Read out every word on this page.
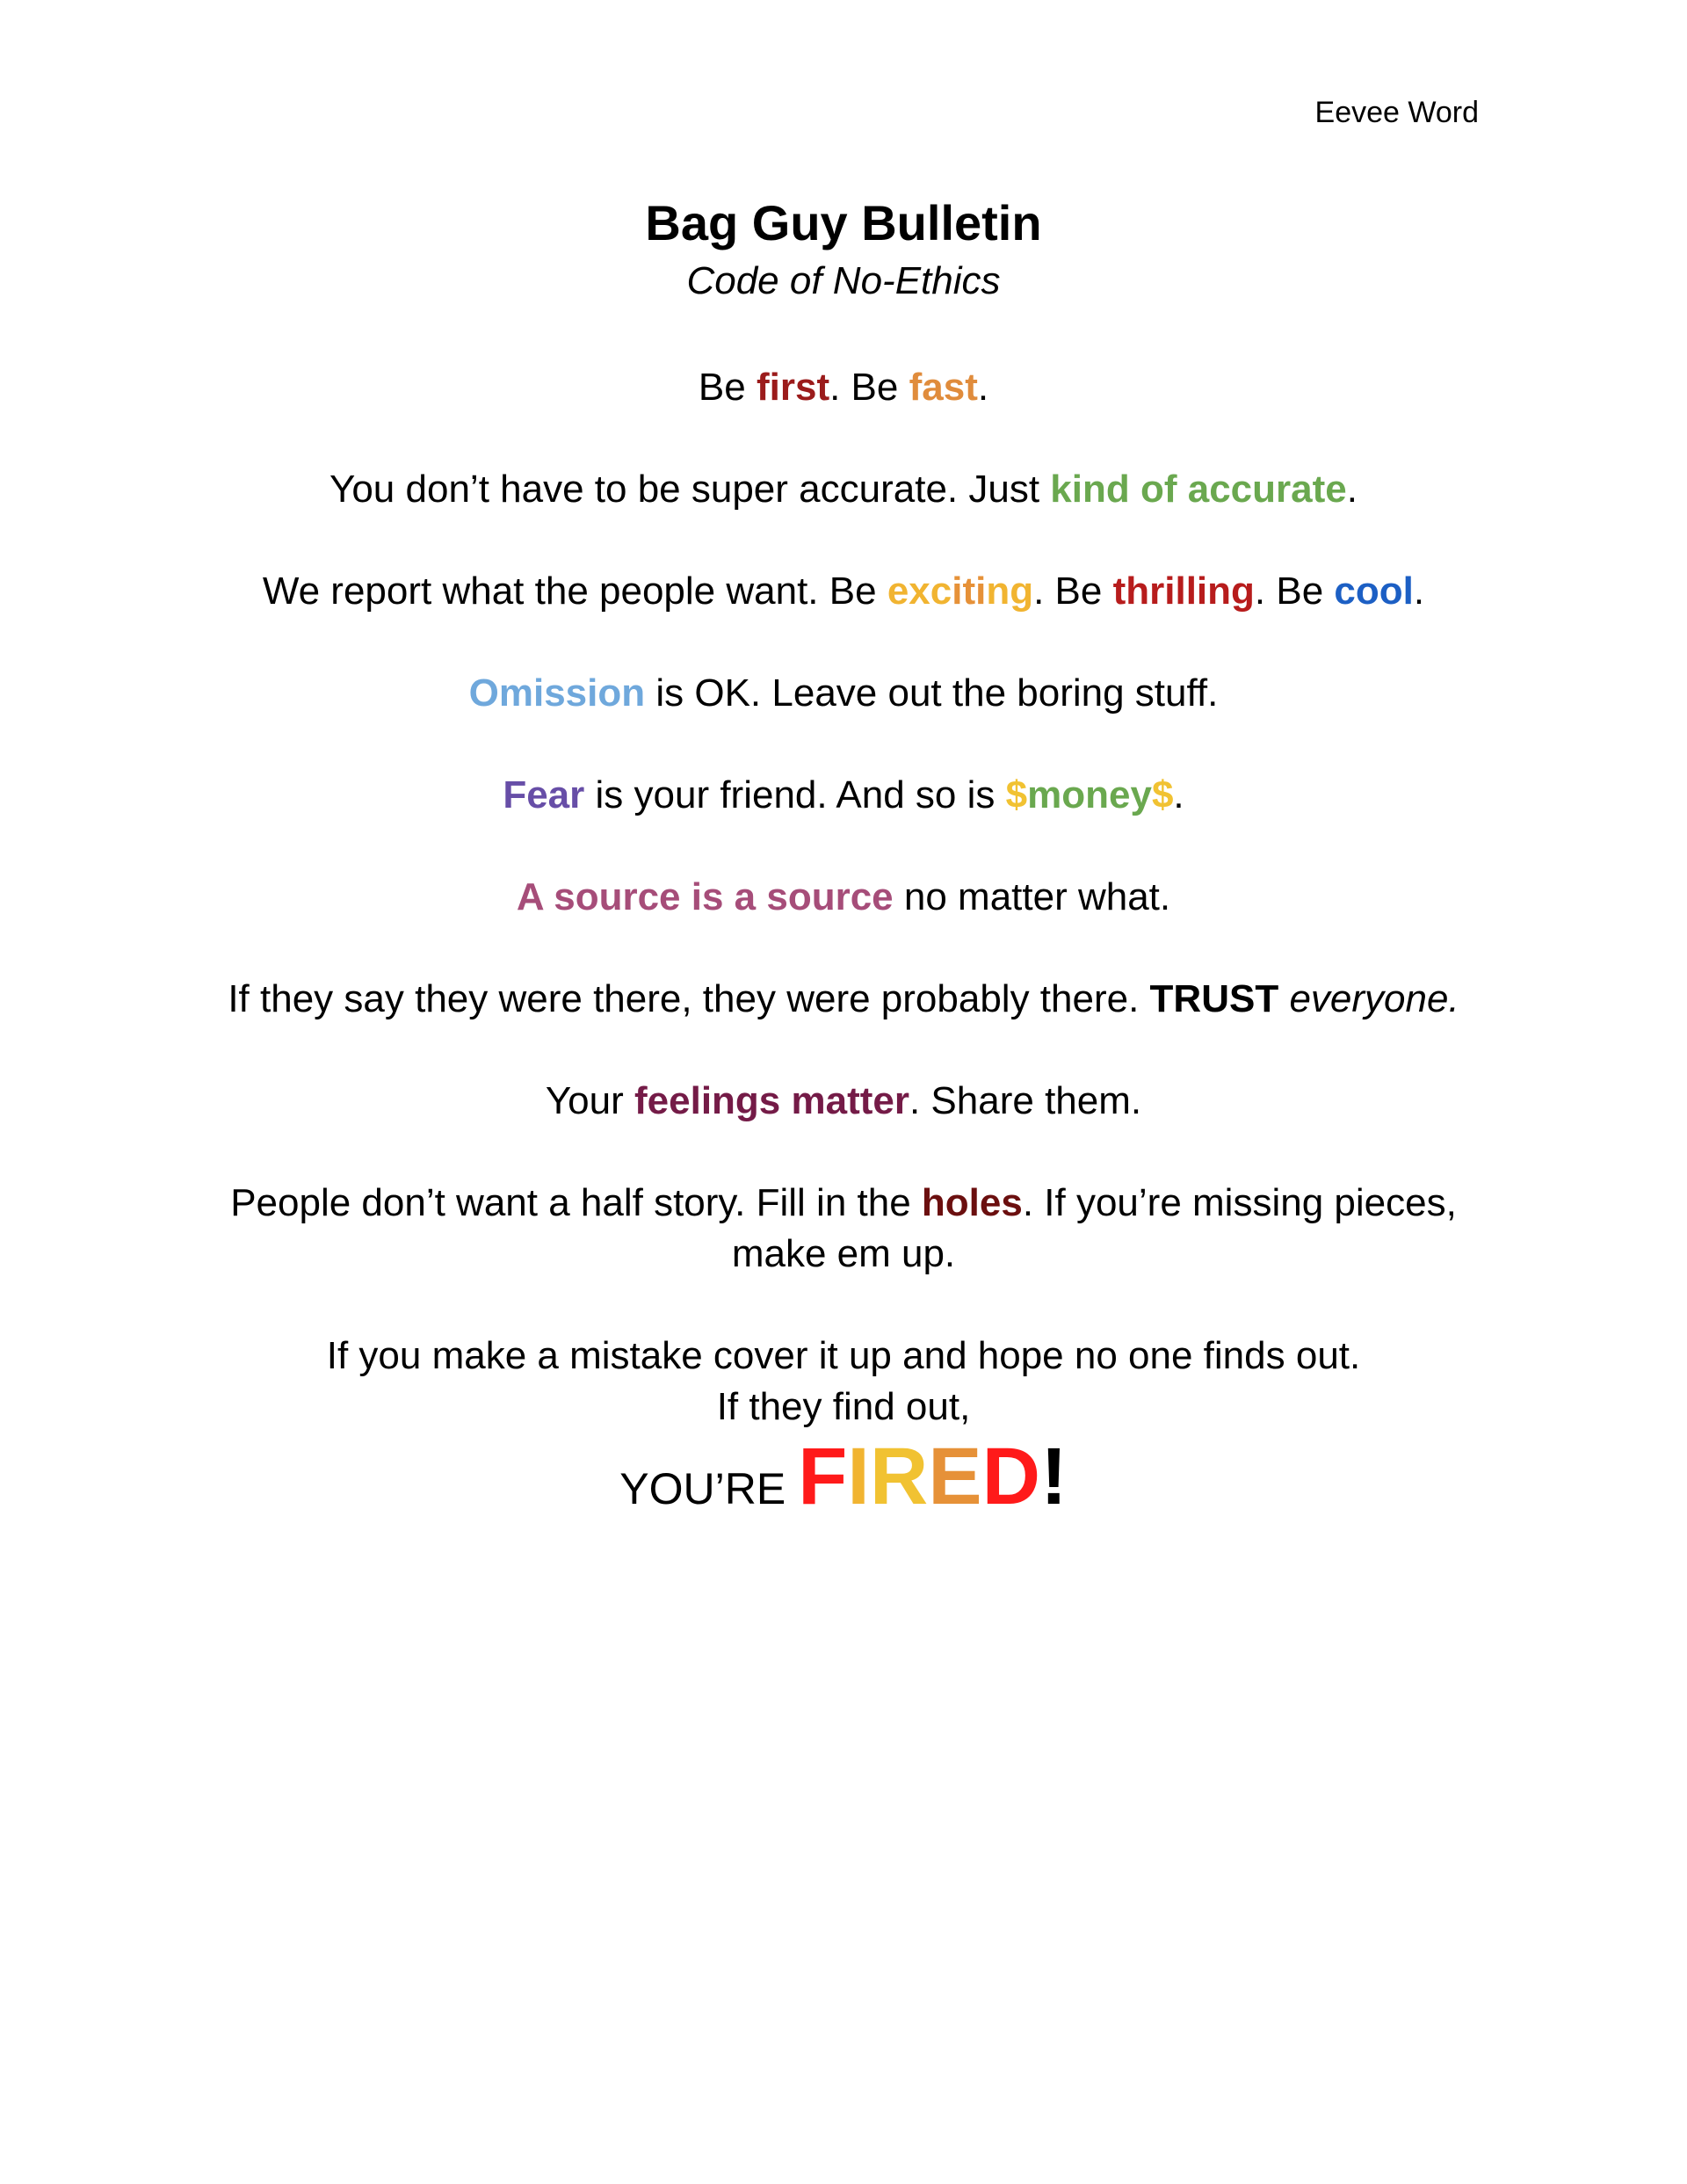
Eevee Word
Bag Guy Bulletin
Code of No-Ethics
Be first. Be fast.
You don’t have to be super accurate. Just kind of accurate.
We report what the people want. Be exciting. Be thrilling. Be cool.
Omission is OK. Leave out the boring stuff.
Fear is your friend. And so is $money$.
A source is a source no matter what.
If they say they were there, they were probably there. TRUST everyone.
Your feelings matter. Share them.
People don’t want a half story. Fill in the holes. If you’re missing pieces,
make em up.
If you make a mistake cover it up and hope no one finds out.
If they find out,
YOU’RE FIRED!
